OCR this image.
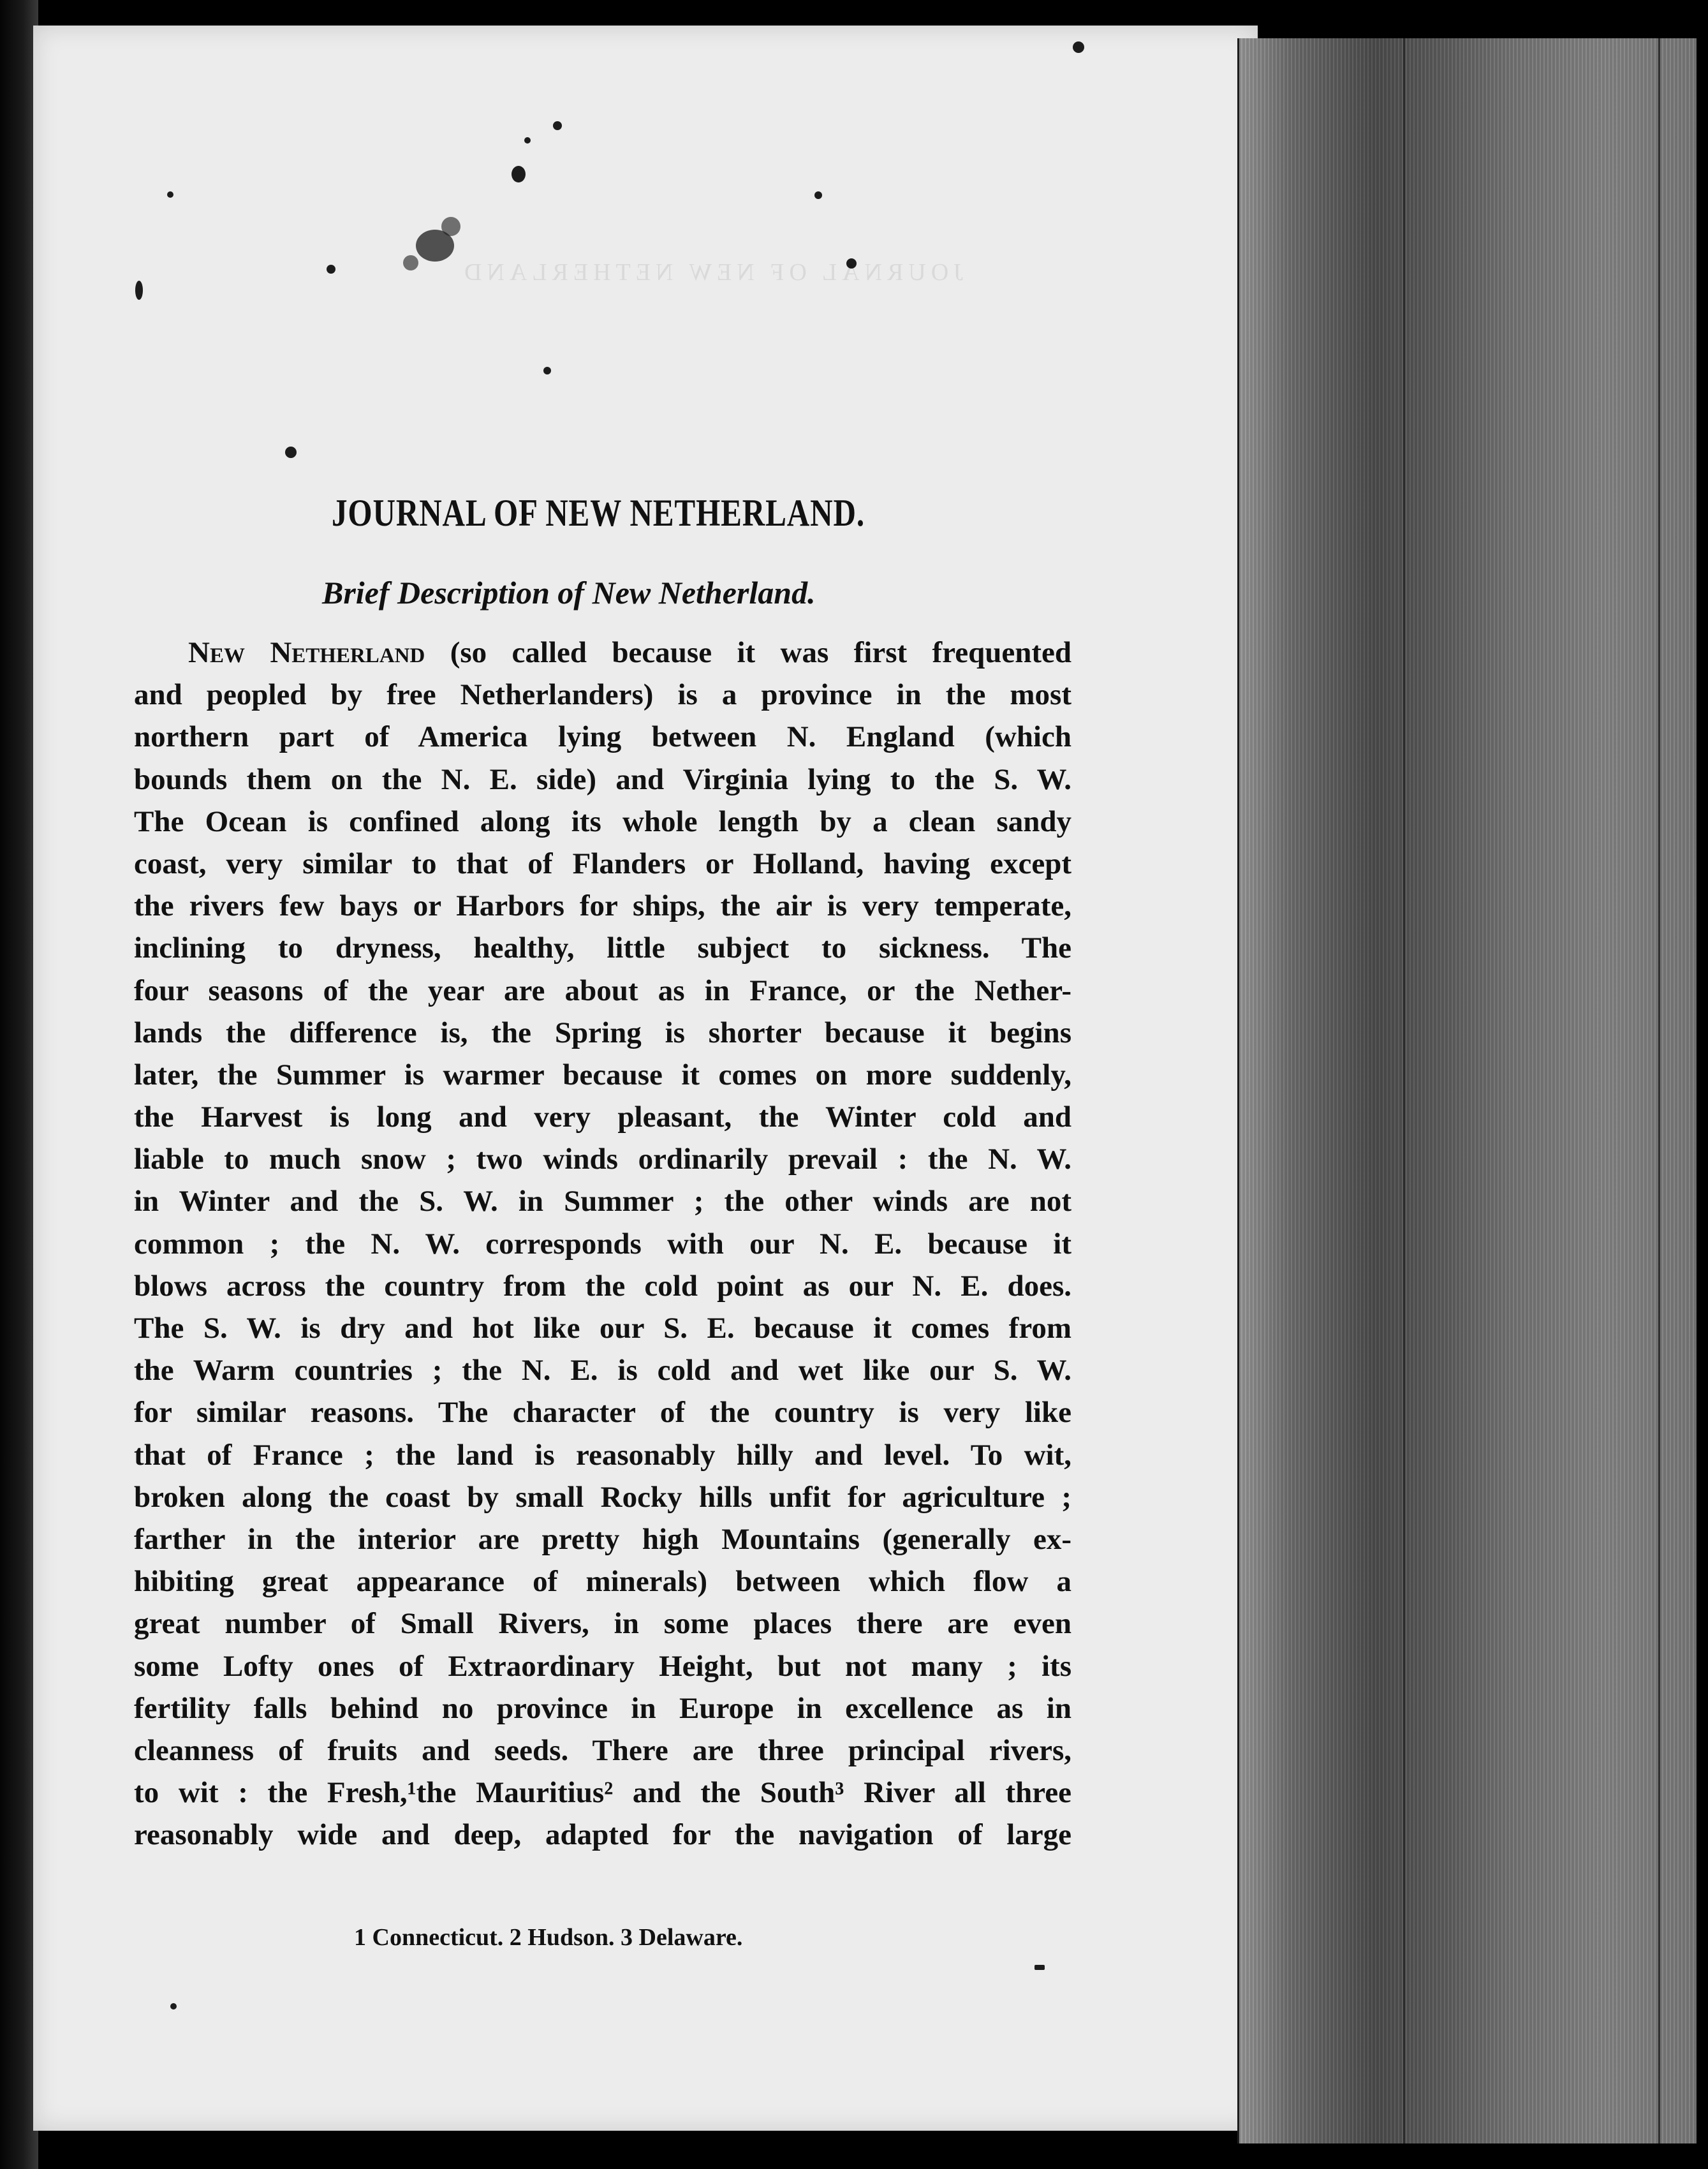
JOURNAL OF NEW NETHERLAND
JOURNAL OF NEW NETHERLAND.
Brief Description of New Netherland.
New Netherland (so called because it was first frequented
and peopled by free Netherlanders) is a province in the most
northern part of America lying between N. England (which
bounds them on the N. E. side) and Virginia lying to the S. W.
The Ocean is confined along its whole length by a clean sandy
coast, very similar to that of Flanders or Holland, having except
the rivers few bays or Harbors for ships, the air is very temperate,
inclining to dryness, healthy, little subject to sickness. The
four seasons of the year are about as in France, or the Nether-
lands the difference is, the Spring is shorter because it begins
later, the Summer is warmer because it comes on more suddenly,
the Harvest is long and very pleasant, the Winter cold and
liable to much snow ; two winds ordinarily prevail : the N. W.
in Winter and the S. W. in Summer ; the other winds are not
common ; the N. W. corresponds with our N. E. because it
blows across the country from the cold point as our N. E. does.
The S. W. is dry and hot like our S. E. because it comes from
the Warm countries ; the N. E. is cold and wet like our S. W.
for similar reasons. The character of the country is very like
that of France ; the land is reasonably hilly and level. To wit,
broken along the coast by small Rocky hills unfit for agriculture ;
farther in the interior are pretty high Mountains (generally ex-
hibiting great appearance of minerals) between which flow a
great number of Small Rivers, in some places there are even
some Lofty ones of Extraordinary Height, but not many ; its
fertility falls behind no province in Europe in excellence as in
cleanness of fruits and seeds. There are three principal rivers,
to wit : the Fresh,¹the Mauritius² and the South³ River all three
reasonably wide and deep, adapted for the navigation of large
1 Connecticut. 2 Hudson. 3 Delaware.
